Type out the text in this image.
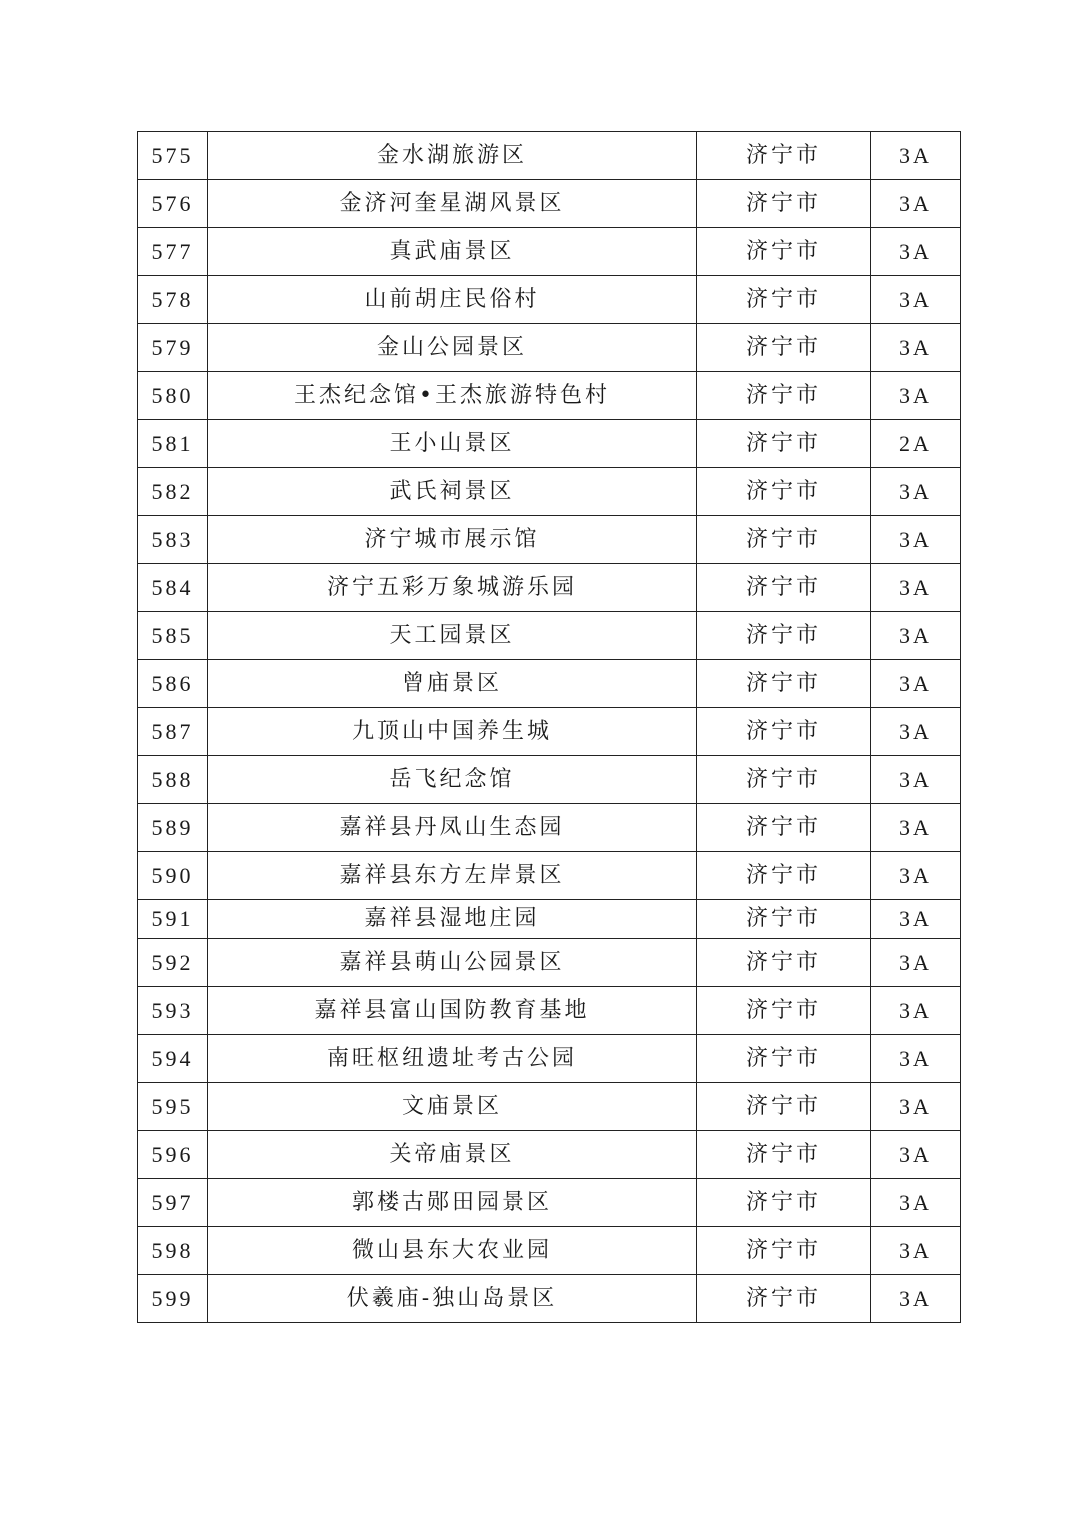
575	金水湖旅游区	济宁市	3A
576	金济河奎星湖风景区	济宁市	3A
577	真武庙景区	济宁市	3A
578	山前胡庄民俗村	济宁市	3A
579	金山公园景区	济宁市	3A
580	王杰纪念馆•王杰旅游特色村	济宁市	3A
581	王小山景区	济宁市	2A
582	武氏祠景区	济宁市	3A
583	济宁城市展示馆	济宁市	3A
584	济宁五彩万象城游乐园	济宁市	3A
585	天工园景区	济宁市	3A
586	曾庙景区	济宁市	3A
587	九顶山中国养生城	济宁市	3A
588	岳飞纪念馆	济宁市	3A
589	嘉祥县丹凤山生态园	济宁市	3A
590	嘉祥县东方左岸景区	济宁市	3A
591	嘉祥县湿地庄园	济宁市	3A
592	嘉祥县萌山公园景区	济宁市	3A
593	嘉祥县富山国防教育基地	济宁市	3A
594	南旺枢纽遗址考古公园	济宁市	3A
595	文庙景区	济宁市	3A
596	关帝庙景区	济宁市	3A
597	郭楼古郧田园景区	济宁市	3A
598	微山县东大农业园	济宁市	3A
599	伏羲庙-独山岛景区	济宁市	3A
